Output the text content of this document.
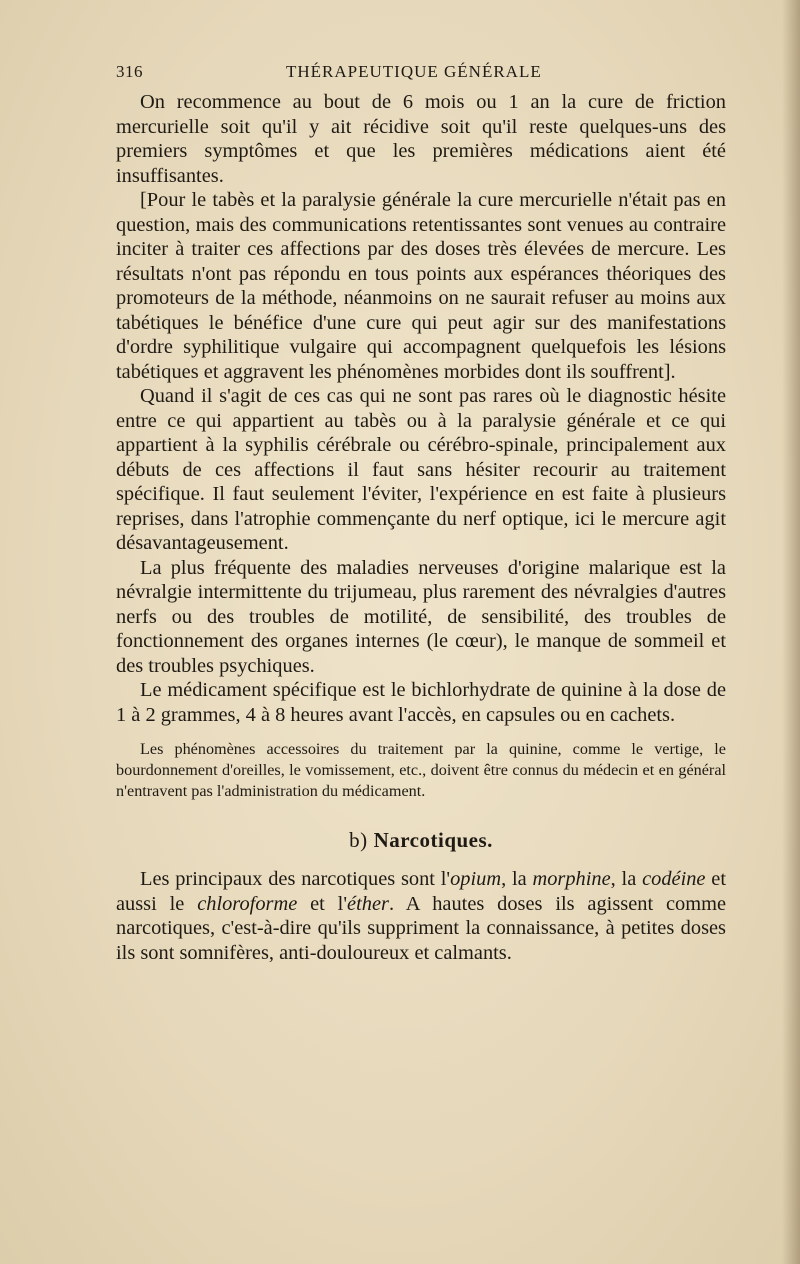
316	THÉRAPEUTIQUE GÉNÉRALE

On recommence au bout de 6 mois ou 1 an la cure de friction mercurielle soit qu'il y ait récidive soit qu'il reste quelques-uns des premiers symptômes et que les premières médications aient été insuffisantes.

[Pour le tabès et la paralysie générale la cure mercurielle n'était pas en question, mais des communications retentissantes sont venues au contraire inciter à traiter ces affections par des doses très élevées de mercure. Les résultats n'ont pas répondu en tous points aux espérances théoriques des promoteurs de la méthode, néanmoins on ne saurait refuser au moins aux tabétiques le bénéfice d'une cure qui peut agir sur des manifestations d'ordre syphilitique vulgaire qui accompagnent quelquefois les lésions tabétiques et aggravent les phénomènes morbides dont ils souffrent].

Quand il s'agit de ces cas qui ne sont pas rares où le diagnostic hésite entre ce qui appartient au tabès ou à la paralysie générale et ce qui appartient à la syphilis cérébrale ou cérébro-spinale, principalement aux débuts de ces affections il faut sans hésiter recourir au traitement spécifique. Il faut seulement l'éviter, l'expérience en est faite à plusieurs reprises, dans l'atrophie commençante du nerf optique, ici le mercure agit désavantageusement.

La plus fréquente des maladies nerveuses d'origine malarique est la névralgie intermittente du trijumeau, plus rarement des névralgies d'autres nerfs ou des troubles de motilité, de sensibilité, des troubles de fonctionnement des organes internes (le cœur), le manque de sommeil et des troubles psychiques.

Le médicament spécifique est le bichlorhydrate de quinine à la dose de 1 à 2 grammes, 4 à 8 heures avant l'accès, en capsules ou en cachets.

Les phénomènes accessoires du traitement par la quinine, comme le vertige, le bourdonnement d'oreilles, le vomissement, etc., doivent être connus du médecin et en général n'entravent pas l'administration du médicament.

b) Narcotiques.

Les principaux des narcotiques sont l'opium, la morphine, la codéine et aussi le chloroforme et l'éther. A hautes doses ils agissent comme narcotiques, c'est-à-dire qu'ils suppriment la connaissance, à petites doses ils sont somnifères, anti-douloureux et calmants.
